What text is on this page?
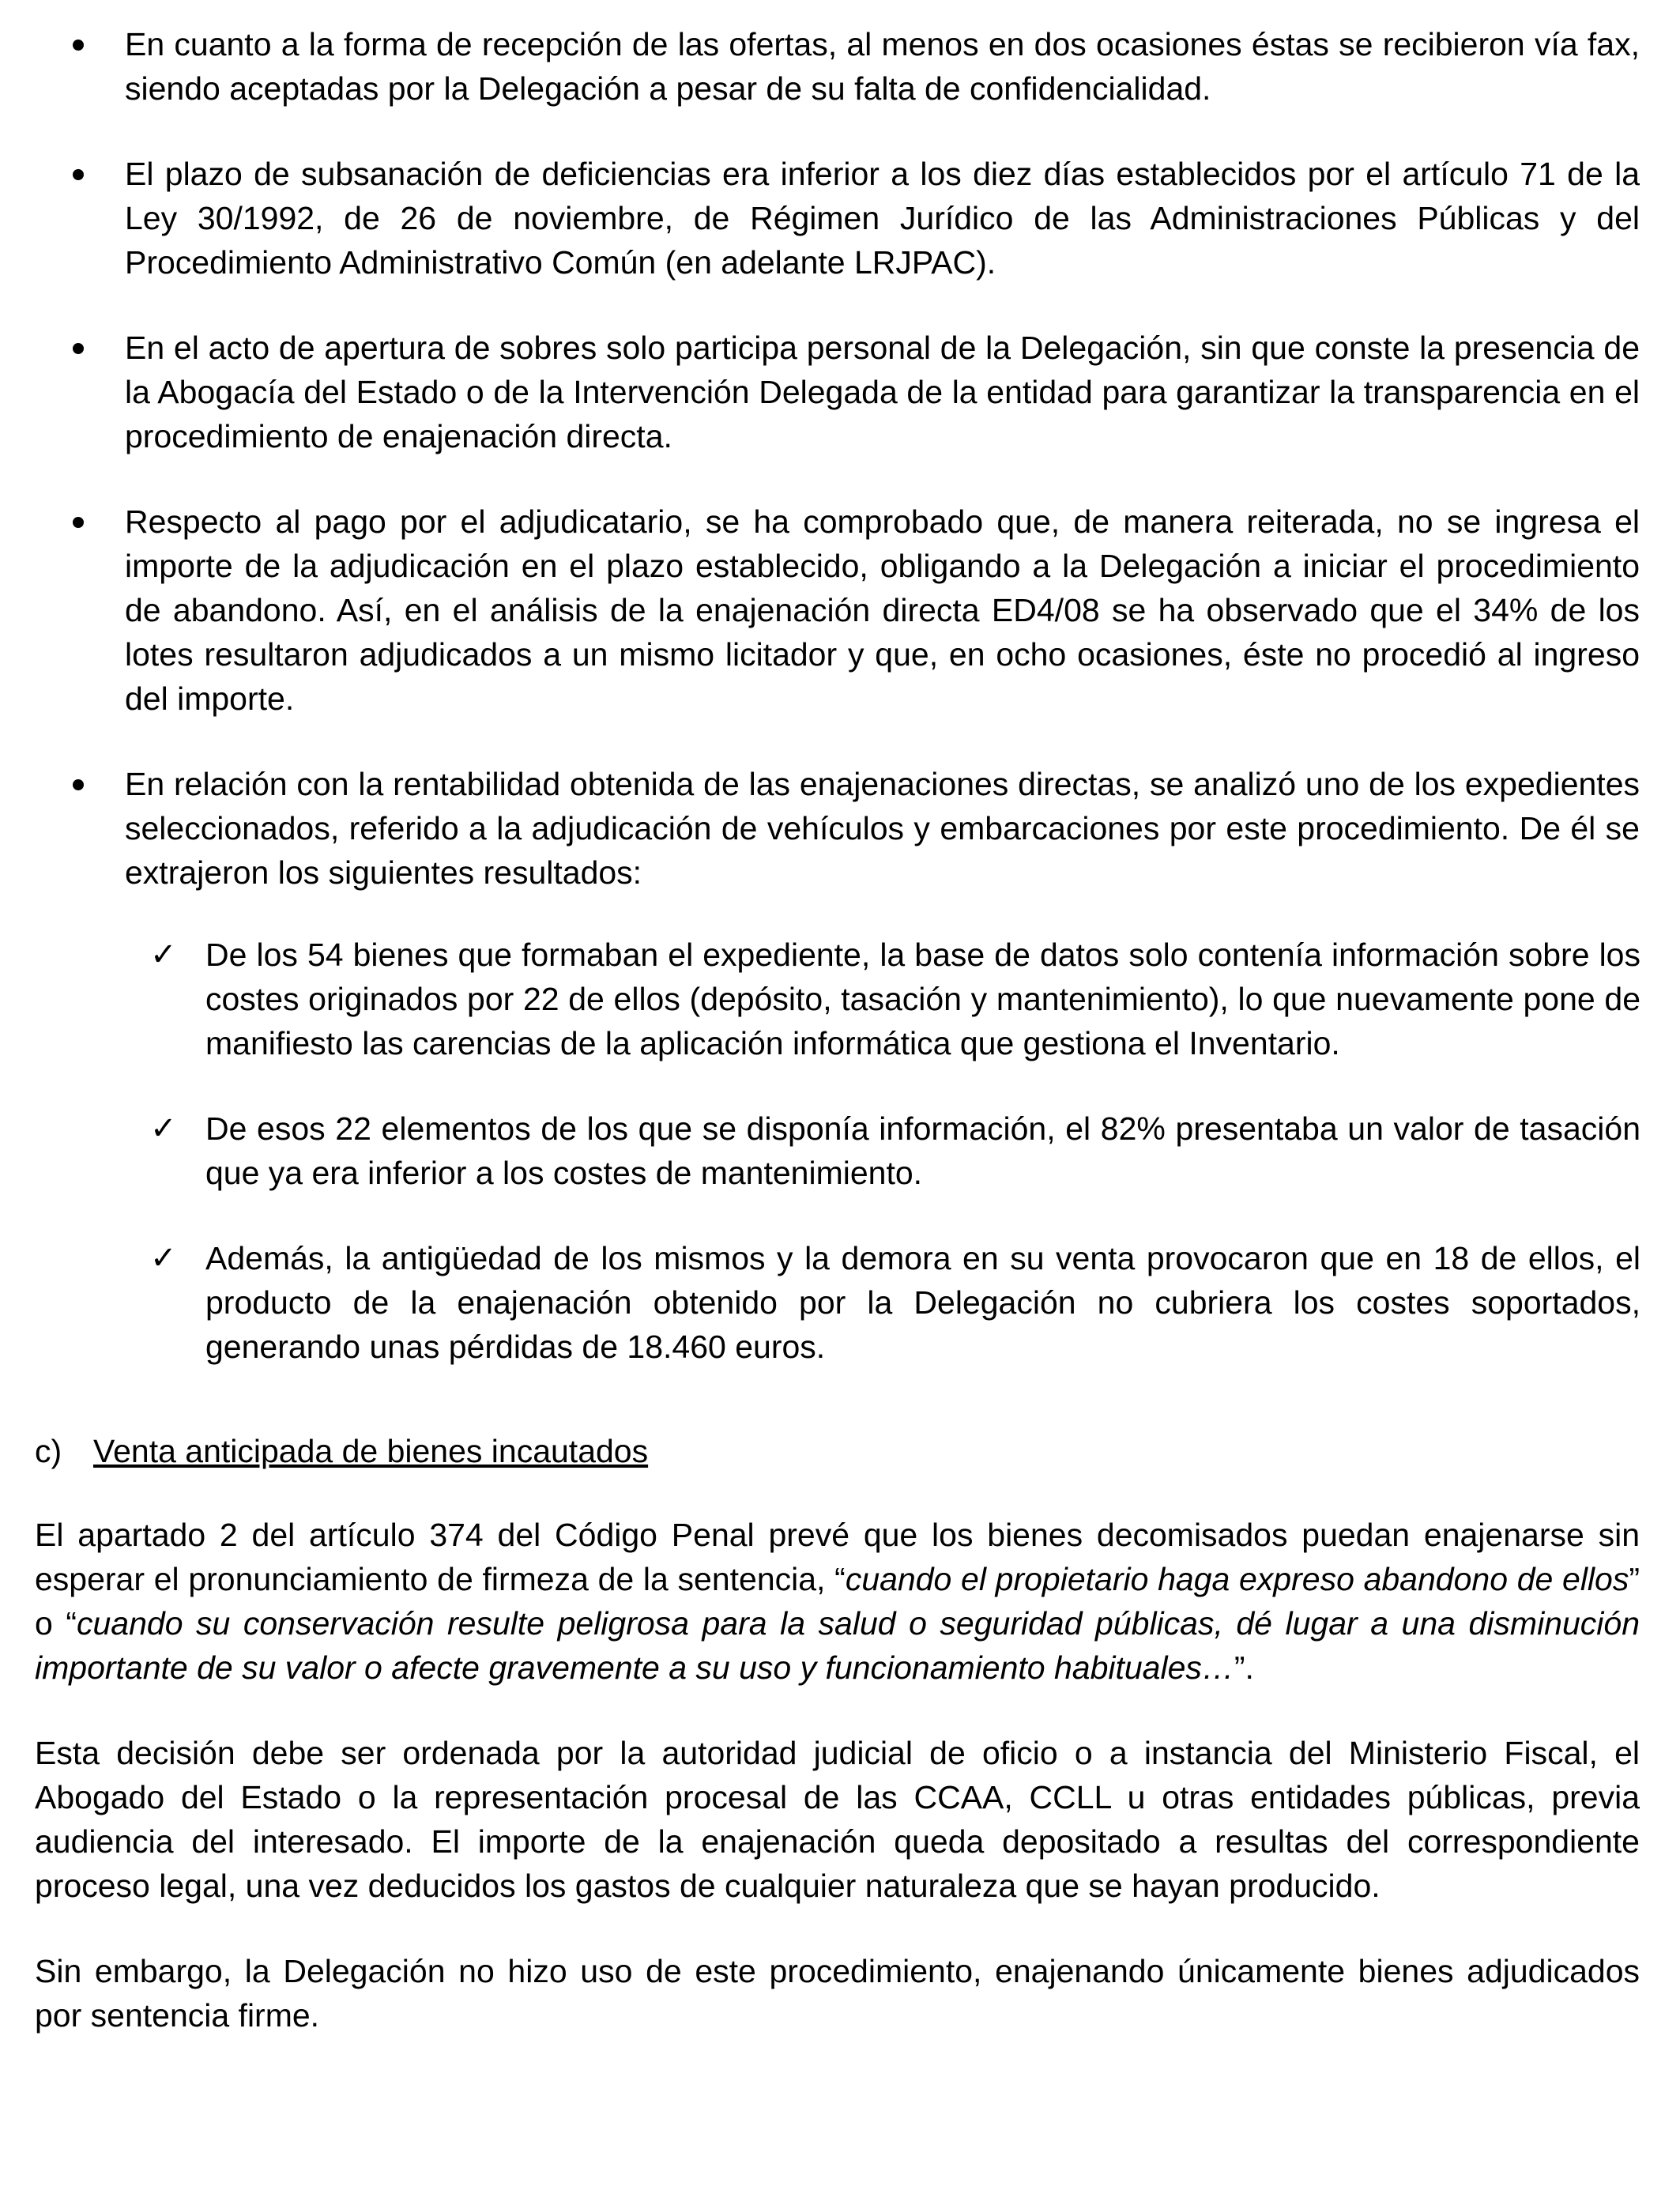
En cuanto a la forma de recepción de las ofertas, al menos en dos ocasiones éstas se recibieron vía fax, siendo aceptadas por la Delegación a pesar de su falta de confidencialidad.
El plazo de subsanación de deficiencias era inferior a los diez días establecidos por el artículo 71 de la Ley 30/1992, de 26 de noviembre, de Régimen Jurídico de las Administraciones Públicas y del Procedimiento Administrativo Común (en adelante LRJPAC).
En el acto de apertura de sobres solo participa personal de la Delegación, sin que conste la presencia de la Abogacía del Estado o de la Intervención Delegada de la entidad para garantizar la transparencia en el procedimiento de enajenación directa.
Respecto al pago por el adjudicatario, se ha comprobado que, de manera reiterada, no se ingresa el importe de la adjudicación en el plazo establecido, obligando a la Delegación a iniciar el procedimiento de abandono. Así, en el análisis de la enajenación directa ED4/08 se ha observado que el 34% de los lotes resultaron adjudicados a un mismo licitador y que, en ocho ocasiones, éste no procedió al ingreso del importe.
En relación con la rentabilidad obtenida de las enajenaciones directas, se analizó uno de los expedientes seleccionados, referido a la adjudicación de vehículos y embarcaciones por este procedimiento. De él se extrajeron los siguientes resultados:
✓ De los 54 bienes que formaban el expediente, la base de datos solo contenía información sobre los costes originados por 22 de ellos (depósito, tasación y mantenimiento), lo que nuevamente pone de manifiesto las carencias de la aplicación informática que gestiona el Inventario.
✓ De esos 22 elementos de los que se disponía información, el 82% presentaba un valor de tasación que ya era inferior a los costes de mantenimiento.
✓ Además, la antigüedad de los mismos y la demora en su venta provocaron que en 18 de ellos, el producto de la enajenación obtenido por la Delegación no cubriera los costes soportados, generando unas pérdidas de 18.460 euros.
c) Venta anticipada de bienes incautados
El apartado 2 del artículo 374 del Código Penal prevé que los bienes decomisados puedan enajenarse sin esperar el pronunciamiento de firmeza de la sentencia, “cuando el propietario haga expreso abandono de ellos” o “cuando su conservación resulte peligrosa para la salud o seguridad públicas, dé lugar a una disminución importante de su valor o afecte gravemente a su uso y funcionamiento habituales…”.
Esta decisión debe ser ordenada por la autoridad judicial de oficio o a instancia del Ministerio Fiscal, el Abogado del Estado o la representación procesal de las CCAA, CCLL u otras entidades públicas, previa audiencia del interesado. El importe de la enajenación queda depositado a resultas del correspondiente proceso legal, una vez deducidos los gastos de cualquier naturaleza que se hayan producido.
Sin embargo, la Delegación no hizo uso de este procedimiento, enajenando únicamente bienes adjudicados por sentencia firme.
